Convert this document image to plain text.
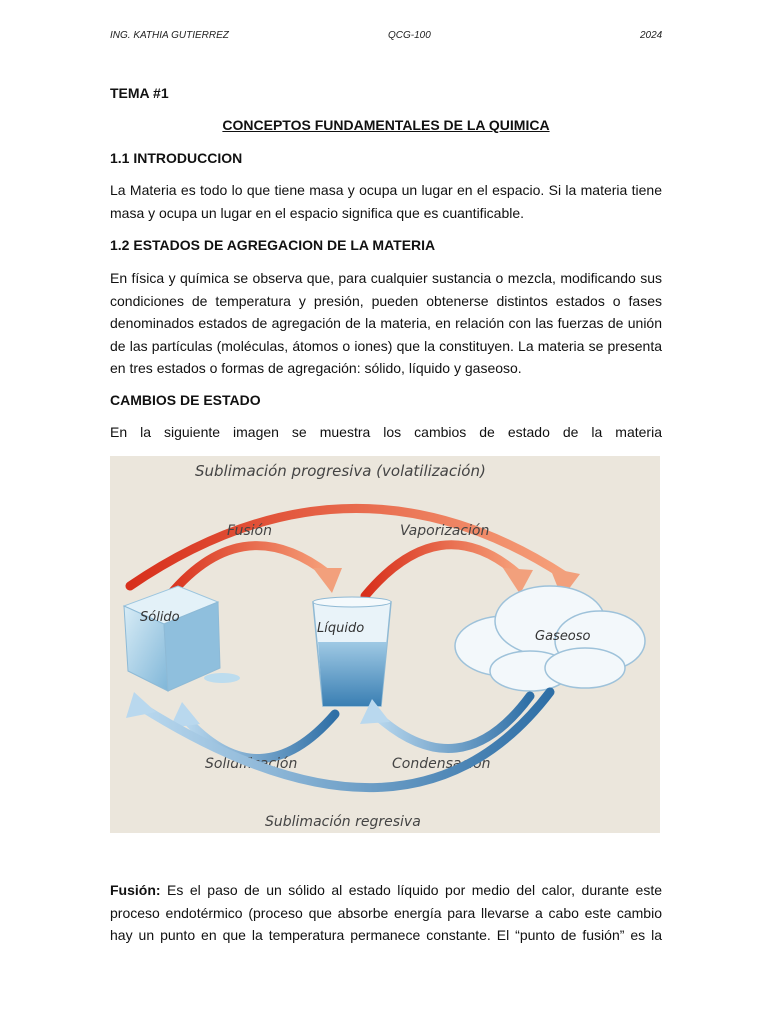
ING. KATHIA GUTIERREZ	QCG-100	2024
TEMA #1
CONCEPTOS FUNDAMENTALES DE LA QUIMICA
1.1 INTRODUCCION
La Materia es todo lo que tiene masa y ocupa un lugar en el espacio. Si la materia tiene
masa y ocupa un lugar en el espacio significa que es cuantificable.
1.2 ESTADOS DE AGREGACION DE LA MATERIA
En física y química se observa que, para cualquier sustancia o mezcla, modificando sus
condiciones de temperatura y presión, pueden obtenerse distintos estados o fases
denominados estados de agregación de la materia, en relación con las fuerzas de unión
de las partículas (moléculas, átomos o iones) que la constituyen. La materia se presenta
en tres estados o formas de agregación: sólido, líquido y gaseoso.
CAMBIOS DE ESTADO
En la siguiente imagen se muestra los cambios de estado de la materia
Sublimación progresiva (volatilización)
Fusión	Vaporización
Sólido
Líquido
Gaseoso
Solidificación	Condensación
Sublimación regresiva
Fusión: Es el paso de un sólido al estado líquido por medio del calor, durante este
proceso endotérmico (proceso que absorbe energía para llevarse a cabo este cambio
hay un punto en que la temperatura permanece constante. El “punto de fusión” es la
